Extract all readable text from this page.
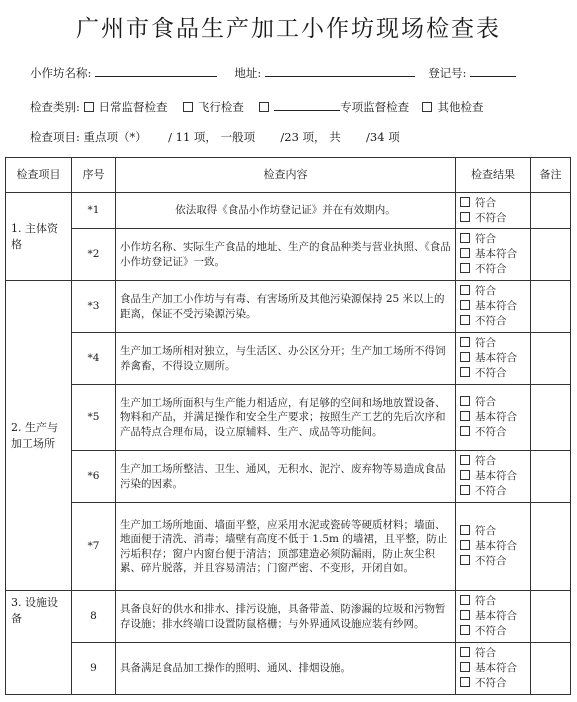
广州市食品生产加工小作坊现场检查表
小作坊名称:	地址:	登记号:
检查类别: 日常监督检查	飞行检查	专项监督检查 其他检查
检查项目: 重点项（*） / 11 项， 一般项 /23 项， 共 /34 项
检查项目	序号	检查内容	检查结果	备注
1. 主体资格	*1	依法取得《食品小作坊登记证》并在有效期内。	符合
不符合	

	*2	小作坊名称、实际生产食品的地址、生产的食品种类与营业执照、《食品小作坊登记证》一致。	符合
基本符合
不符合	

2. 生产与加工场所	*3	食品生产加工小作坊与有毒、有害场所及其他污染源保持 25 米以上的距离，保证不受污染源污染。	符合
基本符合
不符合	

	*4	生产加工场所相对独立，与生活区、办公区分开；生产加工场所不得饲养禽畜，不得设立厕所。	符合
基本符合
不符合	

	*5	生产加工场所面积与生产能力相适应，有足够的空间和场地放置设备、物料和产品，并满足操作和安全生产要求；按照生产工艺的先后次序和产品特点合理布局，设立原辅料、生产、成品等功能间。	符合
基本符合
不符合	

	*6	生产加工场所整洁、卫生、通风，无积水、泥泞、废弃物等易造成食品污染的因素。	符合
基本符合
不符合	

	*7	生产加工场所地面、墙面平整，应采用水泥或瓷砖等硬质材料；墙面、地面便于清洗、消毒；墙壁有高度不低于 1.5m 的墙裙，且平整，防止污垢积存；窗户内窗台便于清洁；顶部建造必须防漏雨，防止灰尘积累、碎片脱落，并且容易清洁；门窗严密、不变形，开闭自如。	符合
基本符合
不符合	

3. 设施设备	8	具备良好的供水和排水、排污设施，具备带盖、防渗漏的垃圾和污物暂存设施；排水终端口设置防鼠格栅；与外界通风设施应装有纱网。	符合
基本符合
不符合	

	9	具备满足食品加工操作的照明、通风、排烟设施。	符合
基本符合
不符合	
